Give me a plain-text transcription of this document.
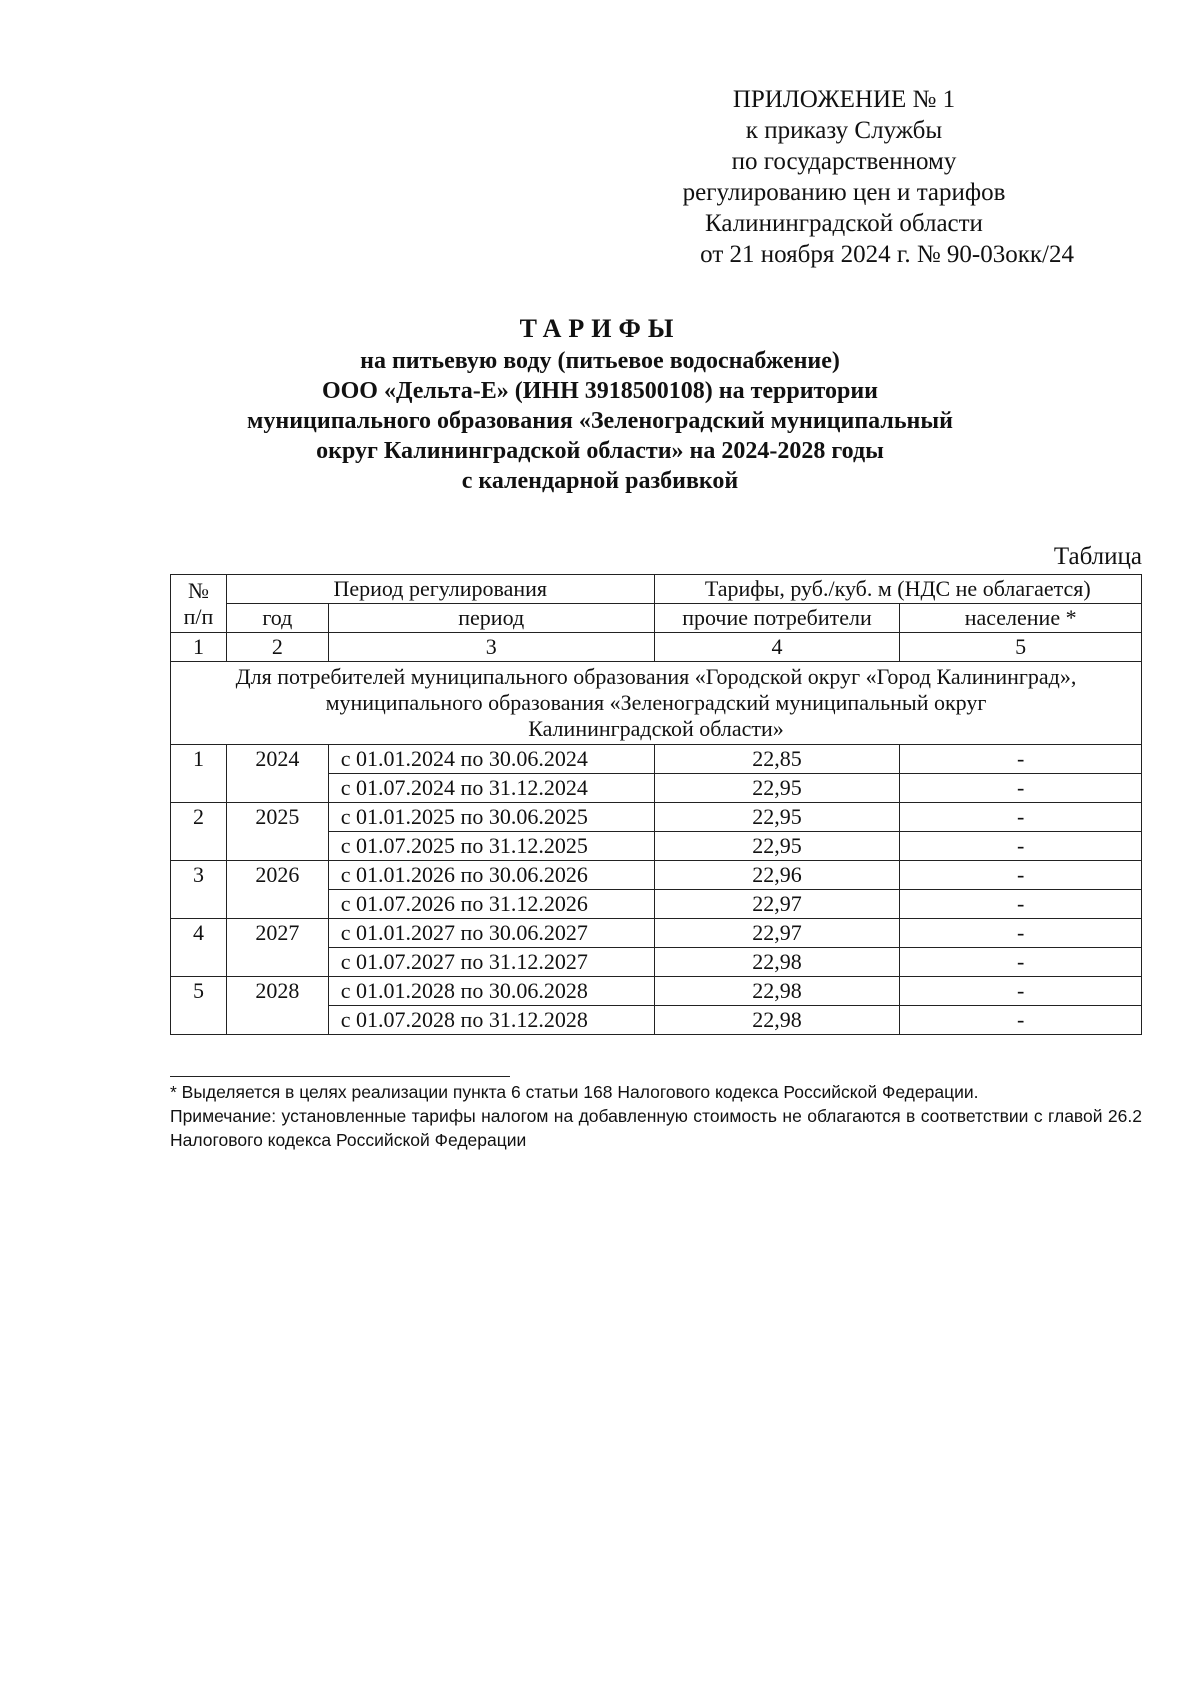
ПРИЛОЖЕНИЕ № 1
к приказу Службы
по государственному
регулированию цен и тарифов
Калининградской области
от 21 ноября 2024 г. № 90-03окк/24
ТАРИФЫ
на питьевую воду (питьевое водоснабжение)
ООО «Дельта-Е» (ИНН 3918500108) на территории
муниципального образования «Зеленоградский муниципальный
округ Калининградской области» на 2024-2028 годы
с календарной разбивкой
Таблица
№
п/п	Период регулирования		Тарифы, руб./куб. м (НДС не облагается)	
	год	период	прочие потребители	население *
1	2	3	4	5

Для потребителей муниципального образования «Городской округ «Город Калининград»,
муниципального образования «Зеленоградский муниципальный округ
Калининградской области»				

1	2024	с 01.01.2024 по 30.06.2024	22,85	-
		с 01.07.2024 по 31.12.2024	22,95	-
2	2025	с 01.01.2025 по 30.06.2025	22,95	-
		с 01.07.2025 по 31.12.2025	22,95	-
3	2026	с 01.01.2026 по 30.06.2026	22,96	-
		с 01.07.2026 по 31.12.2026	22,97	-
4	2027	с 01.01.2027 по 30.06.2027	22,97	-
		с 01.07.2027 по 31.12.2027	22,98	-
5	2028	с 01.01.2028 по 30.06.2028	22,98	-
		с 01.07.2028 по 31.12.2028	22,98	-

* Выделяется в целях реализации пункта 6 статьи 168 Налогового кодекса Российской Федерации.

Примечание: установленные тарифы налогом на добавленную стоимость не облагаются в соответствии с главой 26.2 Налогового кодекса Российской Федерации
